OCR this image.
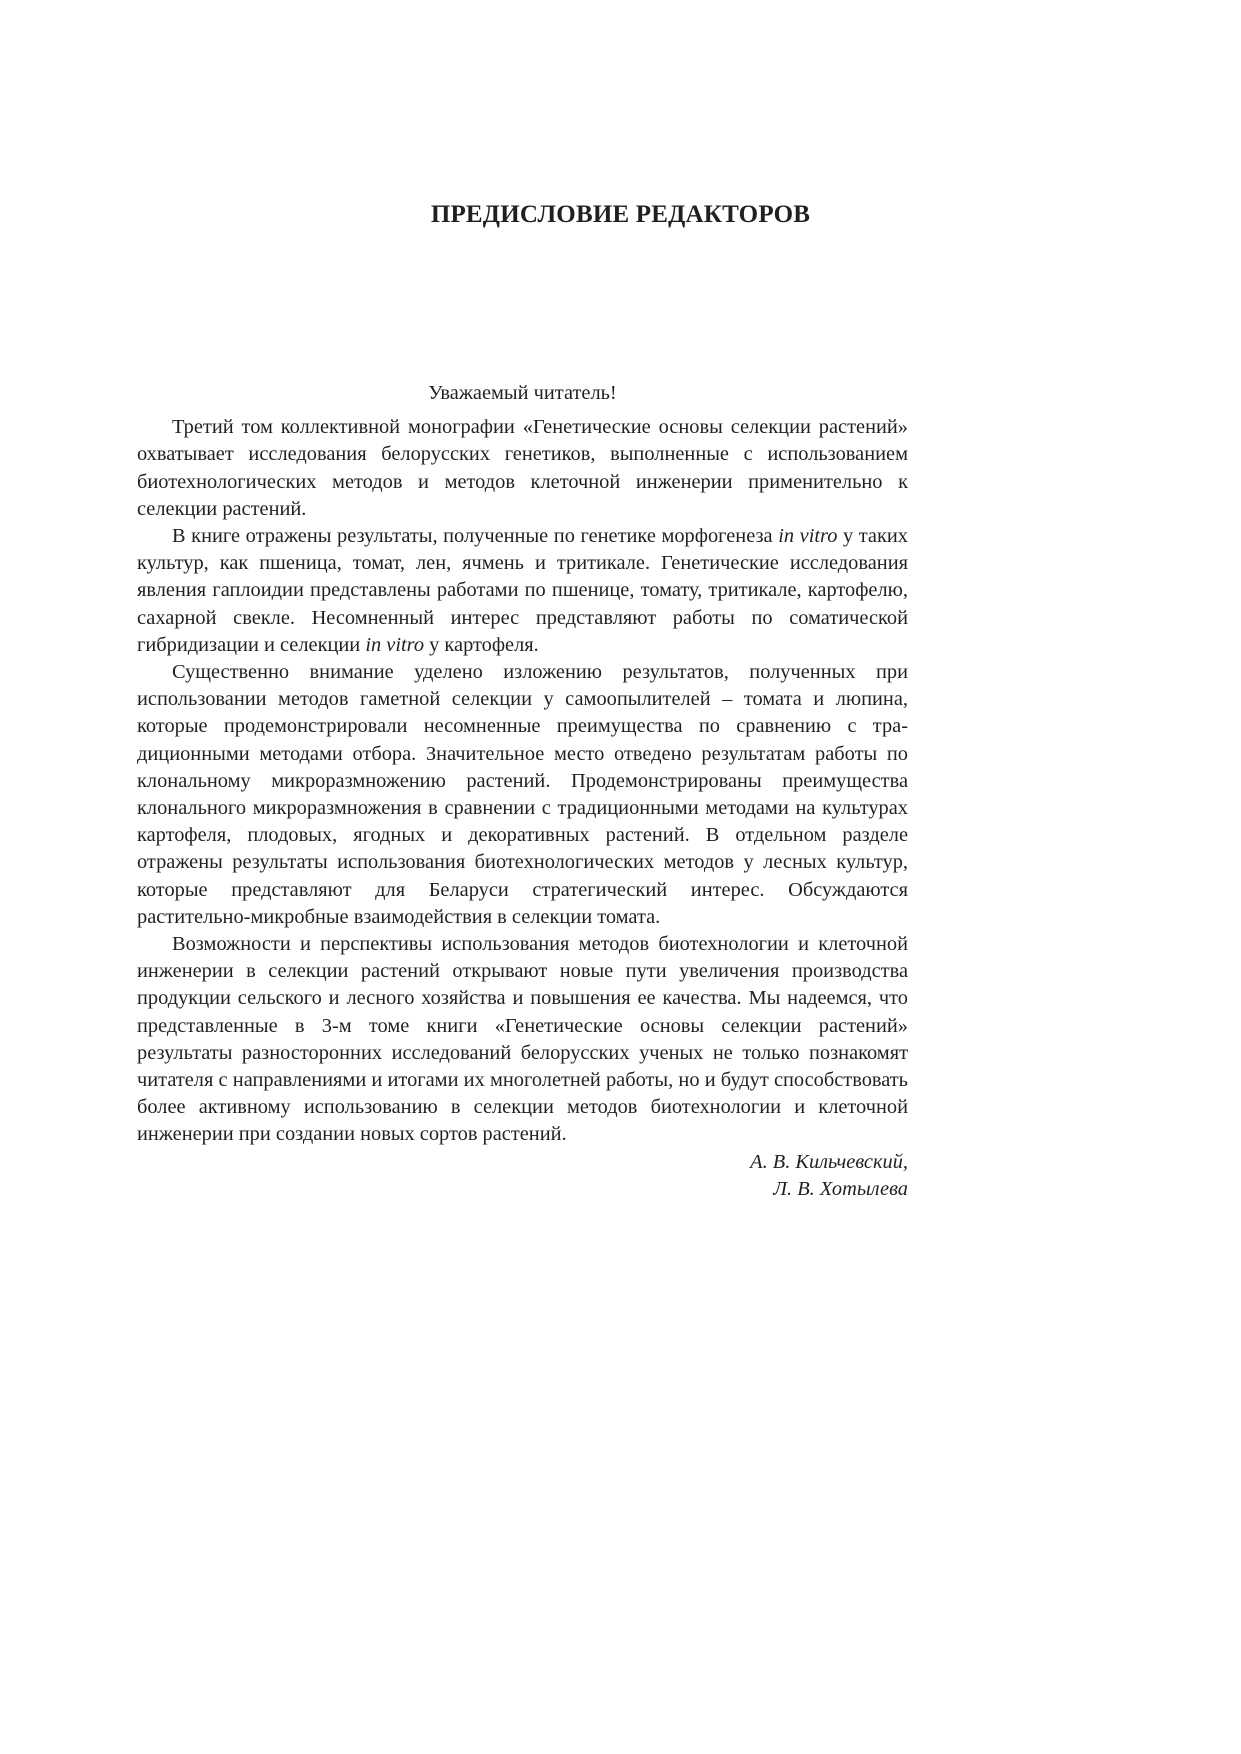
ПРЕДИСЛОВИЕ РЕДАКТОРОВ

Уважаемый читатель!

Третий том коллективной монографии «Генетические основы селекции растений» охватывает исследования белорусских генетиков, выполненные с использованием биотехнологических методов и методов клеточной инженерии применительно к селекции растений.

В книге отражены результаты, полученные по генетике морфогенеза in vitro у таких культур, как пшеница, томат, лен, ячмень и тритикале. Генетические исследования явления гаплоидии представлены работами по пшенице, томату, тритикале, картофелю, сахарной свекле. Несомненный интерес представляют работы по соматической гибридизации и селекции in vitro у картофеля.

Существенно внимание уделено изложению результатов, полученных при использовании методов гаметной селекции у самоопылителей – томата и люпина, которые продемонстрировали несомненные преимущества по сравнению с традиционными методами отбора. Значительное место отведено результатам работы по клональному микроразмножению растений. Продемонстрированы преимущества клонального микроразмножения в сравнении с традиционными методами на культурах картофеля, плодовых, ягодных и декоративных растений. В отдельном разделе отражены результаты использования биотехнологических методов у лесных культур, которые представляют для Беларуси стратегический интерес. Обсуждаются растительно-микробные взаимодействия в селекции томата.

Возможности и перспективы использования методов биотехнологии и клеточной инженерии в селекции растений открывают новые пути увеличения производства продукции сельского и лесного хозяйства и повышения ее качества. Мы надеемся, что представленные в 3-м томе книги «Генетические основы селекции растений» результаты разносторонних исследований белорусских ученых не только познакомят читателя с направлениями и итогами их многолетней работы, но и будут способствовать более активному использованию в селекции методов биотехнологии и клеточной инженерии при создании новых сортов растений.

А. В. Кильчевский,

Л. В. Хотылева
